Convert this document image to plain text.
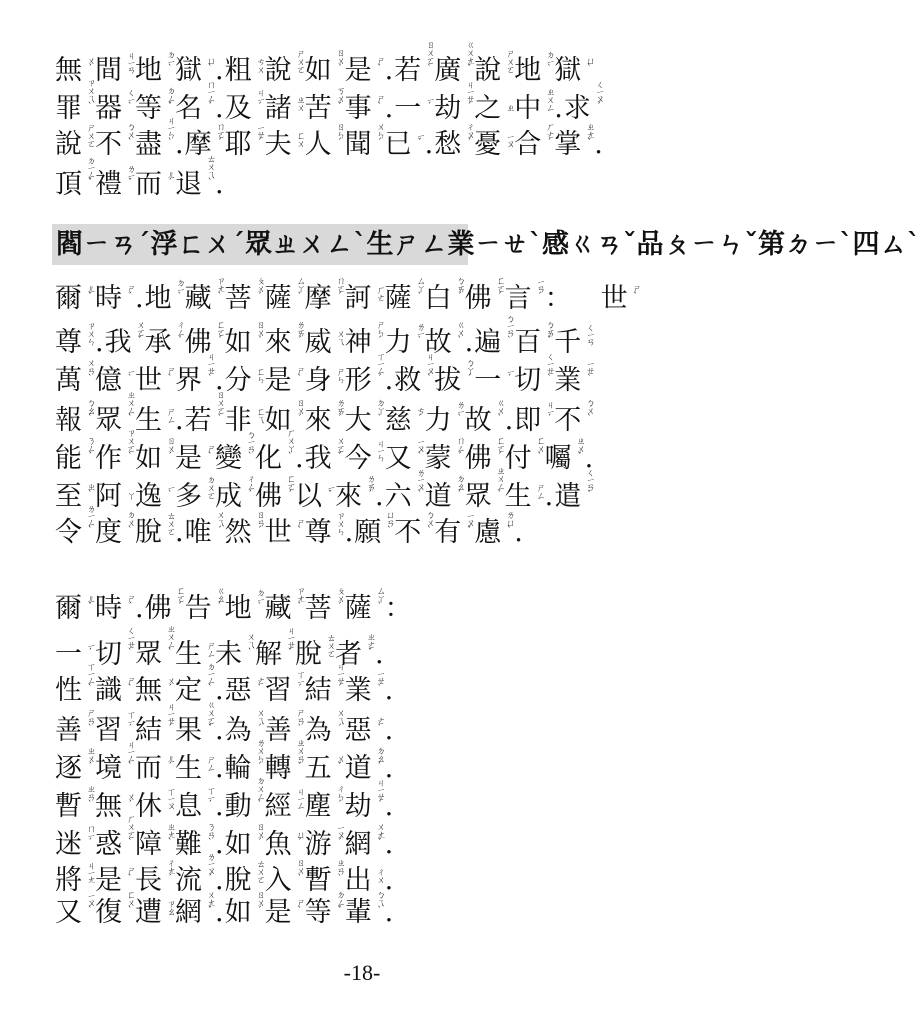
無 ㄨˊ間 ㄐㄧㄢ地 ㄉㄧˋ獄 ㄩˋ.粗 ㄘㄨ說 ㄕㄨㄛ如 ㄖㄨˊ是 ㄕˋ.若 ㄖㄨㄛˋ廣 ㄍㄨㄤˇ說 ㄕㄨㄛ地 ㄉㄧˋ獄 ㄩˋ
罪 ㄗㄨㄟˋ器 ㄑㄧˋ等 ㄉㄥˇ名 ㄇㄧㄥˊ.及 ㄐㄧˊ諸 ㄓㄨ苦 ㄎㄨˇ事 ㄕˋ.一 ㄧˊ劫 ㄐㄧㄝˊ之 ㄓ中 ㄓㄨㄥ.求 ㄑㄧㄡˊ
說 ㄕㄨㄛ不 ㄅㄨˋ盡 ㄐㄧㄣˋ.摩 ㄇㄛˊ耶 ㄧㄝˊ夫 ㄈㄨ人 ㄖㄣˊ聞 ㄨㄣˊ已 ㄧˇ.愁 ㄔㄡˊ憂 ㄧㄡ合 ㄏㄜˊ掌 ㄓㄤˇ.
頂 ㄉㄧㄥˇ禮 ㄌㄧˇ而 ㄦˊ退 ㄊㄨㄟˋ.
閻ㄧㄢˊ浮ㄈㄨˊ眾ㄓㄨㄥˋ生ㄕㄥ業ㄧㄝˋ感ㄍㄢˇ品ㄆㄧㄣˇ第ㄉㄧˋ四ㄙˋ
爾 ㄦˇ時 ㄕˊ.地 ㄉㄧˋ藏 ㄗㄤˋ菩 ㄆㄨˊ薩 ㄙㄚˋ摩 ㄇㄛˊ訶 ㄏㄜ薩 ㄙㄚˋ白 ㄅㄞˊ佛 ㄈㄛˊ言 ㄧㄢˊ：　 世 ㄕˋ
尊 ㄗㄨㄣ.我 ㄨㄛˇ承 ㄔㄥˊ佛 ㄈㄛˊ如 ㄖㄨˊ來 ㄌㄞˊ威 ㄨㄟ神 ㄕㄣˊ力 ㄌㄧˋ故 ㄍㄨˋ.遍 ㄅㄧㄢˋ百 ㄅㄞˇ千 ㄑㄧㄢ
萬 ㄨㄢˋ億 ㄧˋ世 ㄕˋ界 ㄐㄧㄝˋ.分 ㄈㄣ是 ㄕˋ身 ㄕㄣ形 ㄒㄧㄥˊ.救 ㄐㄧㄡˋ拔 ㄅㄚˊ一 ㄧˊ切 ㄑㄧㄝˋ業 ㄧㄝˋ
報 ㄅㄠˋ眾 ㄓㄨㄥˋ生 ㄕㄥ.若 ㄖㄨㄛˋ非 ㄈㄟ如 ㄖㄨˊ來 ㄌㄞˊ大 ㄉㄚˋ慈 ㄘˊ力 ㄌㄧˋ故 ㄍㄨˋ.即 ㄐㄧˊ不 ㄅㄨˋ
能 ㄋㄥˊ作 ㄗㄨㄛˋ如 ㄖㄨˊ是 ㄕˋ變 ㄅㄧㄢˋ化 ㄏㄨㄚˋ.我 ㄨㄛˇ今 ㄐㄧㄣ又 ㄧㄡˋ蒙 ㄇㄥˊ佛 ㄈㄛˊ付 ㄈㄨˋ囑 ㄓㄨˇ.
至 ㄓˋ阿 ㄚ逸 ㄧˋ多 ㄉㄨㄛ成 ㄔㄥˊ佛 ㄈㄛˊ以 ㄧˇ來 ㄌㄞˊ.六 ㄌㄧㄡˋ道 ㄉㄠˋ眾 ㄓㄨㄥˋ生 ㄕㄥ.遣 ㄑㄧㄢˇ
令 ㄌㄧㄥˋ度 ㄉㄨˋ脫 ㄊㄨㄛ.唯 ㄨㄟˊ然 ㄖㄢˊ世 ㄕˋ尊 ㄗㄨㄣ.願 ㄩㄢˋ不 ㄅㄨˋ有 ㄧㄡˇ慮 ㄌㄩˋ.
爾 ㄦˇ時 ㄕˊ.佛 ㄈㄛˊ告 ㄍㄠˋ地 ㄉㄧˋ藏 ㄗㄤˋ菩 ㄆㄨˊ薩 ㄙㄚˋ：
一 ㄧˊ切 ㄑㄧㄝˋ眾 ㄓㄨㄥˋ生 ㄕㄥ未 ㄨㄟˋ解 ㄐㄧㄝˇ脫 ㄊㄨㄛ者 ㄓㄜˇ.
性 ㄒㄧㄥˋ識 ㄕˋ無 ㄨˊ定 ㄉㄧㄥˋ.惡 ㄜˋ習 ㄒㄧˊ結 ㄐㄧㄝˊ業 ㄧㄝˋ.
善 ㄕㄢˋ習 ㄒㄧˊ結 ㄐㄧㄝˊ果 ㄍㄨㄛˇ.為 ㄨㄟˊ善 ㄕㄢˋ為 ㄨㄟˊ惡 ㄜˋ.
逐 ㄓㄨˊ境 ㄐㄧㄥˋ而 ㄦˊ生 ㄕㄥ.輪 ㄌㄨㄣˊ轉 ㄓㄨㄢˇ五 ㄨˇ道 ㄉㄠˋ.
暫 ㄓㄢˋ無 ㄨˊ休 ㄒㄧㄡ息 ㄒㄧˊ.動 ㄉㄨㄥˋ經 ㄐㄧㄥ塵 ㄔㄣˊ劫 ㄐㄧㄝˊ.
迷 ㄇㄧˊ惑 ㄏㄨㄛˋ障 ㄓㄤˋ難 ㄋㄢˋ.如 ㄖㄨˊ魚 ㄩˊ游 ㄧㄡˊ網 ㄨㄤˇ.
將 ㄐㄧㄤ是 ㄕˋ長 ㄔㄤˊ流 ㄌㄧㄡˊ.脫 ㄊㄨㄛ入 ㄖㄨˋ暫 ㄓㄢˋ出 ㄔㄨ.
又 ㄧㄡˋ復 ㄈㄨˋ遭 ㄗㄠ網 ㄨㄤˇ.如 ㄖㄨˊ是 ㄕˋ等 ㄉㄥˇ輩 ㄅㄟˋ.
-18-
